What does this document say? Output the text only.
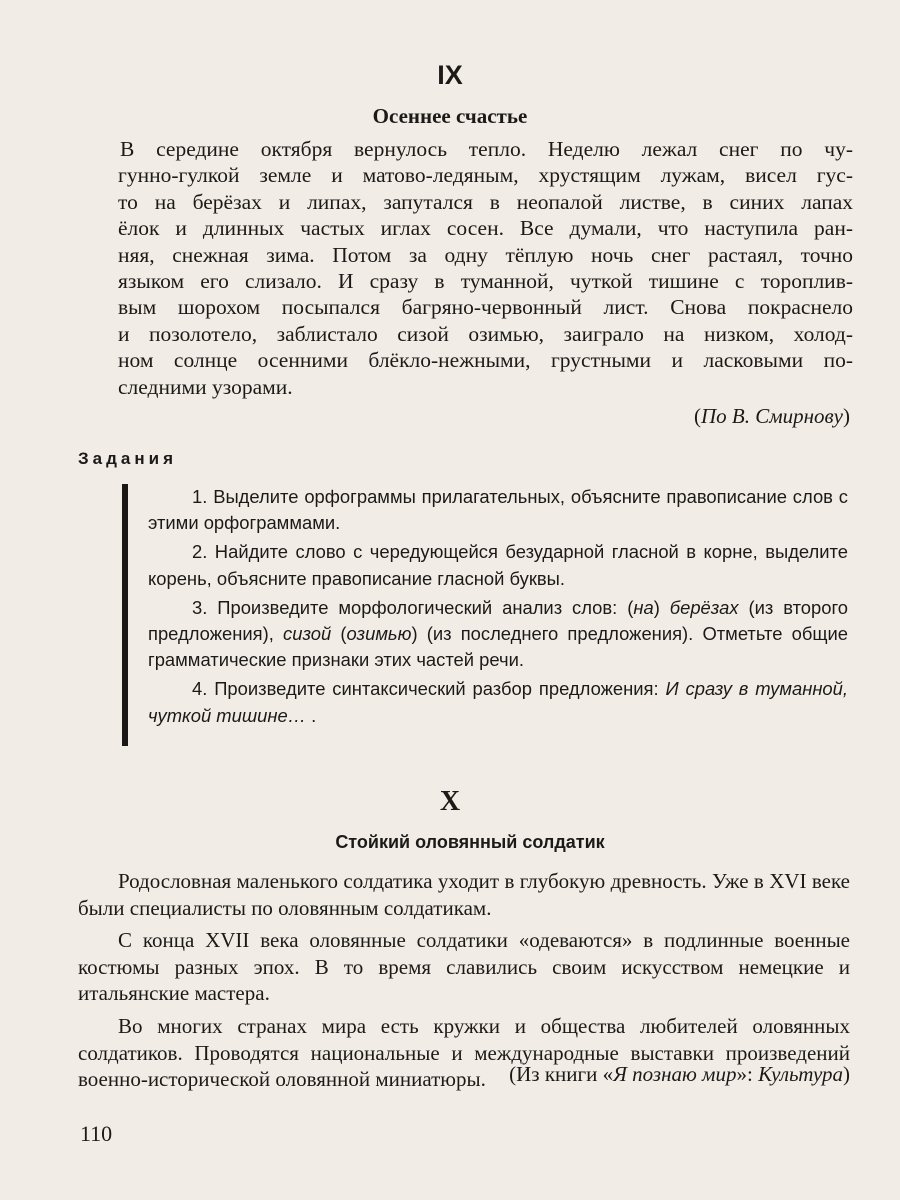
IX
Осеннее счастье

В середине октября вернулось тепло. Неделю лежал снег по чу-

гунно-гулкой земле и матово-ледяным, хрустящим лужам, висел гус-

то на берёзах и липах, запутался в неопалой листве, в синих лапах

ёлок и длинных частых иглах сосен. Все думали, что наступила ран-

няя, снежная зима. Потом за одну тёплую ночь снег растаял, точно

языком его слизало. И сразу в туманной, чуткой тишине с тороплив-

вым шорохом посыпался багряно-червонный лист. Снова покраснело

и позолотело, заблистало сизой озимью, заиграло на низком, холод-

ном солнце осенними блёкло-нежными, грустными и ласковыми по-

следними узорами.

(По В. Смирнову)
Задания

1. Выделите орфограммы прилагательных, объясните правописание слов с этими орфограммами.

2. Найдите слово с чередующейся безударной гласной в корне, выделите корень, объясните правописание гласной буквы.

3. Произведите морфологический анализ слов: (на) берёзах (из второго предложения), сизой (озимью) (из последнего предложения). Отметьте общие грамматические признаки этих частей речи.

4. Произведите синтаксический разбор предложения: И сразу в туманной, чуткой тишине… .

X
Стойкий оловянный солдатик

Родословная маленького солдатика уходит в глубокую древность. Уже в XVI веке были специалисты по оловянным солдатикам.

С конца XVII века оловянные солдатики «одеваются» в подлинные военные костюмы разных эпох. В то время славились своим искусством немецкие и итальянские мастера.

Во многих странах мира есть кружки и общества любителей оловянных солдатиков. Проводятся национальные и международные выставки произведений военно-исторической оловянной миниатюры.	(Из книги «Я познаю мир»: Культура)
110
